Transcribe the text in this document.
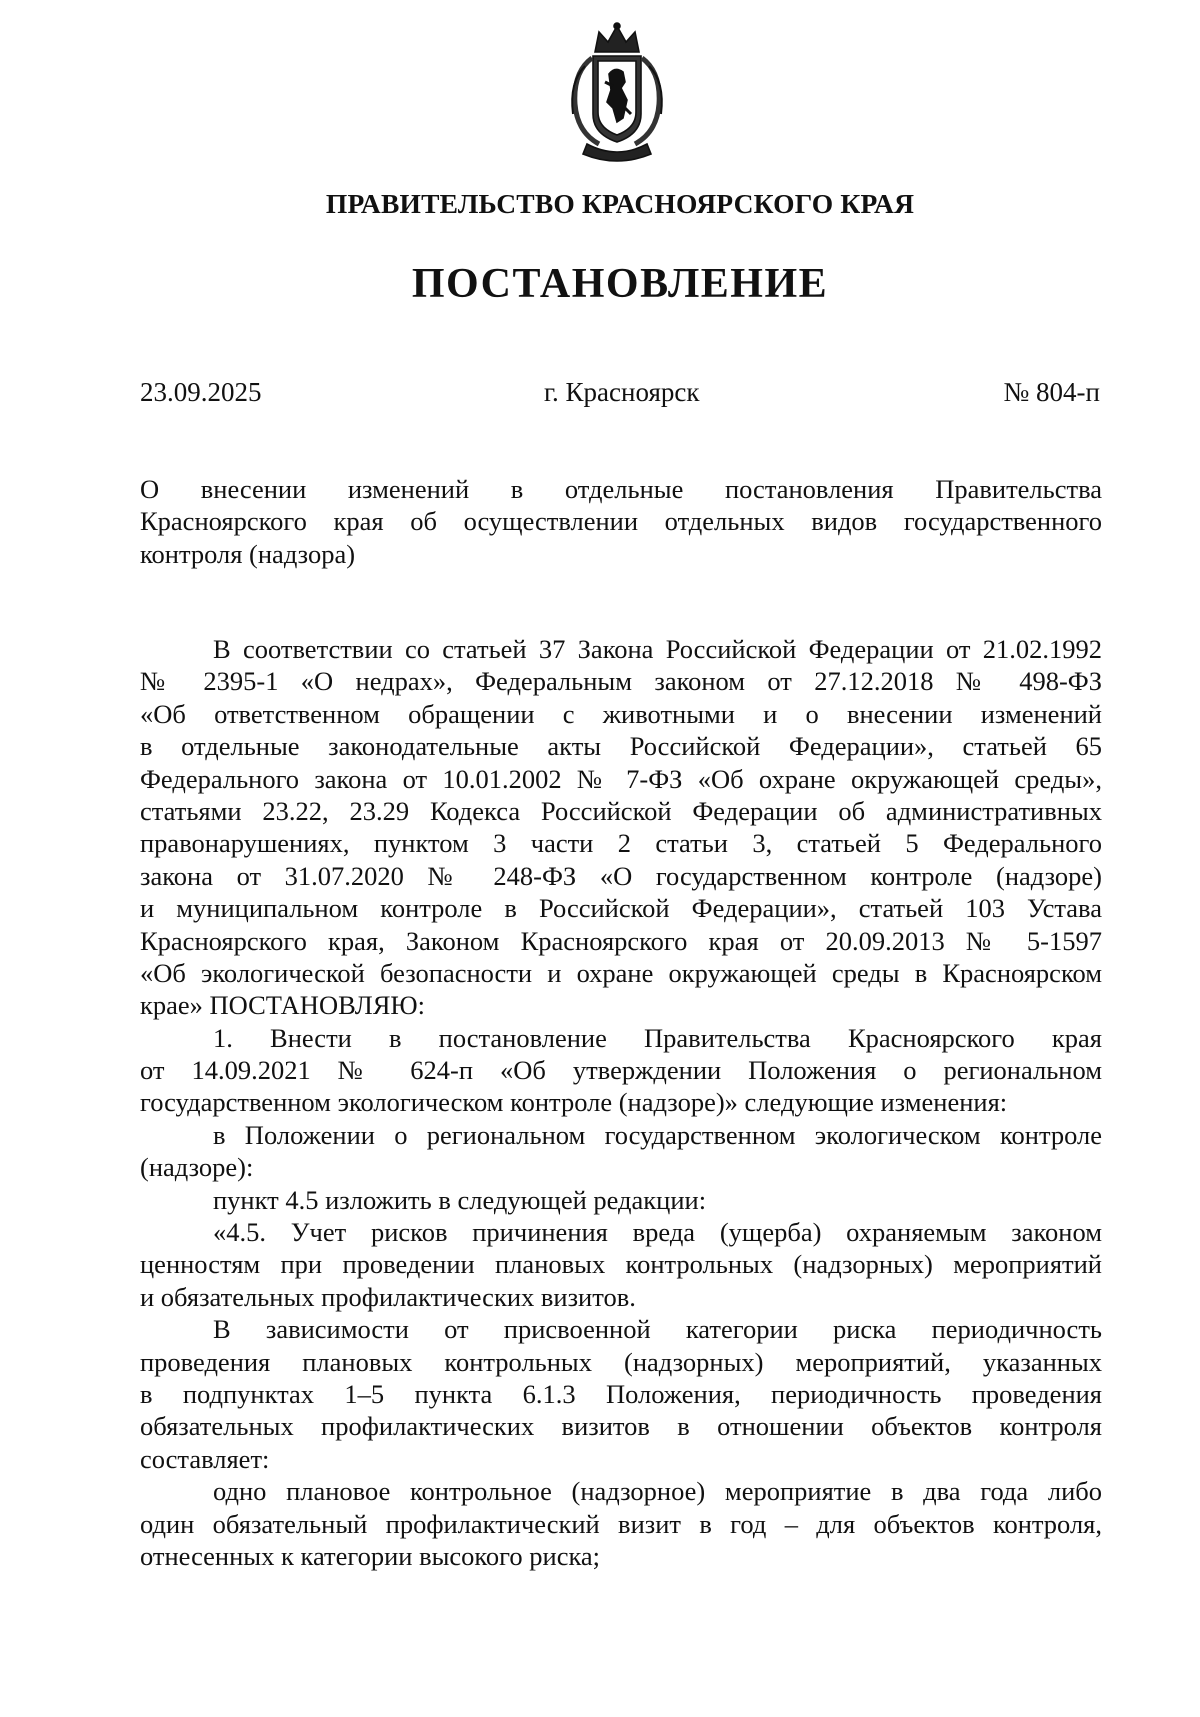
ПРАВИТЕЛЬСТВО КРАСНОЯРСКОГО КРАЯ
ПОСТАНОВЛЕНИЕ
23.09.2025	г. Красноярск	№ 804-п
О внесении изменений в отдельные постановления Правительства
Красноярского края об осуществлении отдельных видов государственного
контроля (надзора)
В соответствии со статьей 37 Закона Российской Федерации от 21.02.1992
№ 2395-1 «О недрах», Федеральным законом от 27.12.2018 № 498-ФЗ
«Об ответственном обращении с животными и о внесении изменений
в отдельные законодательные акты Российской Федерации», статьей 65
Федерального закона от 10.01.2002 № 7-ФЗ «Об охране окружающей среды»,
статьями 23.22, 23.29 Кодекса Российской Федерации об административных
правонарушениях, пунктом 3 части 2 статьи 3, статьей 5 Федерального
закона от 31.07.2020 № 248-ФЗ «О государственном контроле (надзоре)
и муниципальном контроле в Российской Федерации», статьей 103 Устава
Красноярского края, Законом Красноярского края от 20.09.2013 № 5-1597
«Об экологической безопасности и охране окружающей среды в Красноярском
крае» ПОСТАНОВЛЯЮ:
1. Внести в постановление Правительства Красноярского края
от 14.09.2021 № 624-п «Об утверждении Положения о региональном
государственном экологическом контроле (надзоре)» следующие изменения:
в Положении о региональном государственном экологическом контроле
(надзоре):
пункт 4.5 изложить в следующей редакции:
«4.5. Учет рисков причинения вреда (ущерба) охраняемым законом
ценностям при проведении плановых контрольных (надзорных) мероприятий
и обязательных профилактических визитов.
В зависимости от присвоенной категории риска периодичность
проведения плановых контрольных (надзорных) мероприятий, указанных
в подпунктах 1–5 пункта 6.1.3 Положения, периодичность проведения
обязательных профилактических визитов в отношении объектов контроля
составляет:
одно плановое контрольное (надзорное) мероприятие в два года либо
один обязательный профилактический визит в год – для объектов контроля,
отнесенных к категории высокого риска;
